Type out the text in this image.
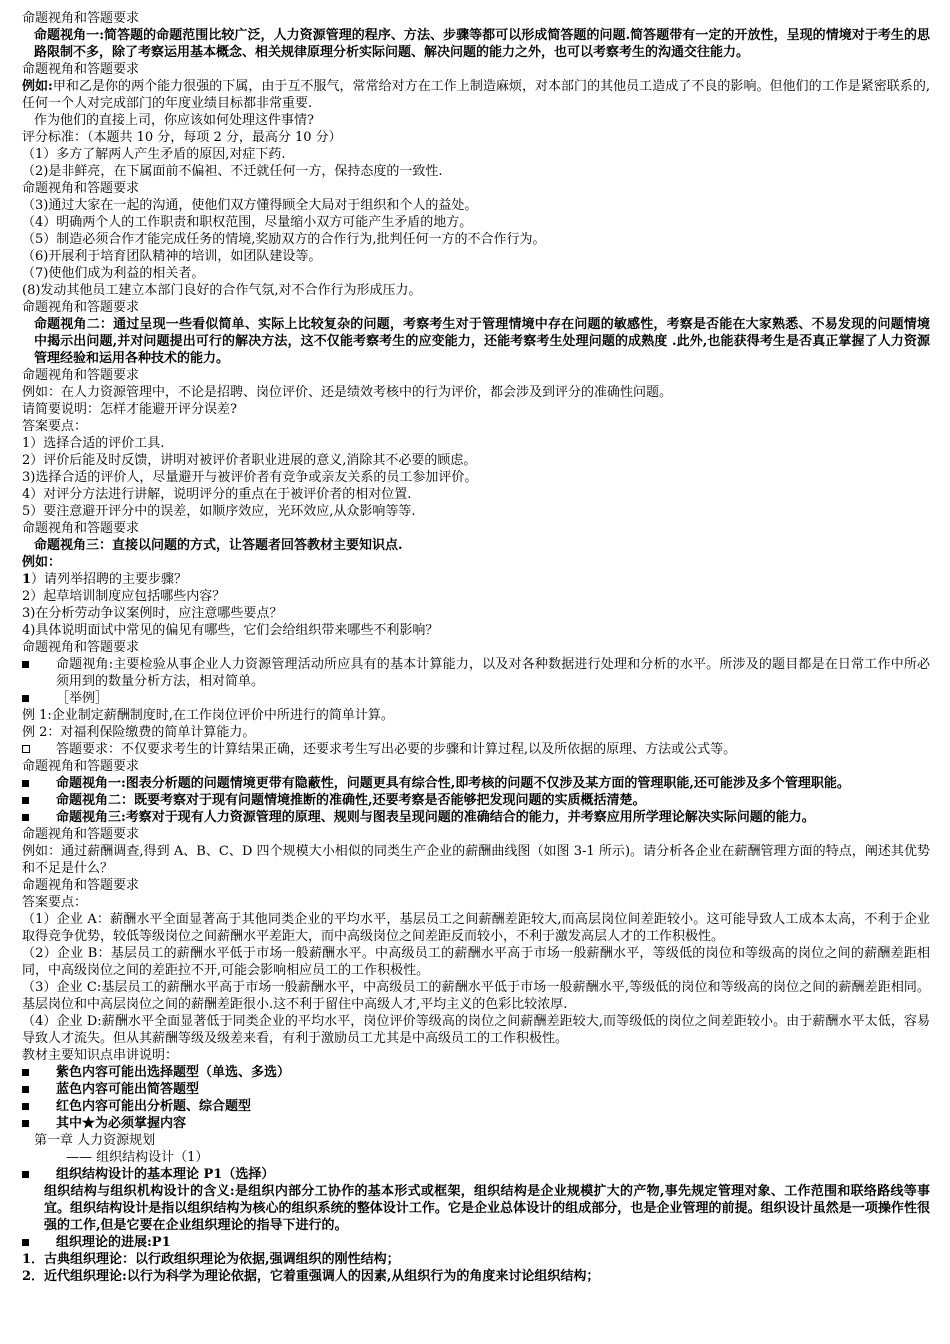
命题视角和答题要求

命题视角一:简答题的命题范围比较广泛，人力资源管理的程序、方法、步骤等都可以形成简答题的问题.简答题带有一定的开放性，呈现的情境对于考生的思路限制不多，除了考察运用基本概念、相关规律原理分析实际问题、解决问题的能力之外，也可以考察考生的沟通交往能力。

命题视角和答题要求

例如:甲和乙是你的两个能力很强的下属，由于互不服气，常常给对方在工作上制造麻烦，对本部门的其他员工造成了不良的影响。但他们的工作是紧密联系的,任何一个人对完成部门的年度业绩目标都非常重要.

作为他们的直接上司，你应该如何处理这件事情?

评分标准：（本题共 10 分，每项 2 分，最高分 10 分）

（1）多方了解两人产生矛盾的原因,对症下药.

（2)是非鲜亮，在下属面前不偏袒、不迁就任何一方，保持态度的一致性.

命题视角和答题要求

（3)通过大家在一起的沟通，使他们双方懂得顾全大局对于组织和个人的益处。

（4）明确两个人的工作职责和职权范围，尽量缩小双方可能产生矛盾的地方。

（5）制造必须合作才能完成任务的情境,奖励双方的合作行为,批判任何一方的不合作行为。

（6)开展利于培育团队精神的培训，如团队建设等。

（7)使他们成为利益的相关者。

(8)发动其他员工建立本部门良好的合作气氛,对不合作行为形成压力。

命题视角和答题要求

命题视角二：通过呈现一些看似简单、实际上比较复杂的问题，考察考生对于管理情境中存在问题的敏感性，考察是否能在大家熟悉、不易发现的问题情境中揭示出问题,并对问题提出可行的解决方法，这不仅能考察考生的应变能力，还能考察考生处理问题的成熟度 .此外,也能获得考生是否真正掌握了人力资源管理经验和运用各种技术的能力。

命题视角和答题要求

例如：在人力资源管理中，不论是招聘、岗位评价、还是绩效考核中的行为评价，都会涉及到评分的准确性问题。

请简要说明：怎样才能避开评分误差?

答案要点：

1）选择合适的评价工具.

2）评价后能及时反馈，讲明对被评价者职业进展的意义,消除其不必要的顾虑。

3)选择合适的评价人，尽量避开与被评价者有竞争或亲友关系的员工参加评价。

4）对评分方法进行讲解，说明评分的重点在于被评价者的相对位置.

5）要注意避开评分中的误差，如顺序效应，光环效应,从众影响等等.

命题视角和答题要求

命题视角三：直接以问题的方式，让答题者回答教材主要知识点.

例如：

1）请列举招聘的主要步骤？

2）起草培训制度应包括哪些内容？

3)在分析劳动争议案例时，应注意哪些要点？

4)具体说明面试中常见的偏见有哪些，它们会给组织带来哪些不利影响？

命题视角和答题要求

命题视角:主要检验从事企业人力资源管理活动所应具有的基本计算能力，以及对各种数据进行处理和分析的水平。所涉及的题目都是在日常工作中所必须用到的数量分析方法，相对简单。

［举例］

例 1:企业制定薪酬制度时,在工作岗位评价中所进行的简单计算。

例 2：对福利保险缴费的简单计算能力。

答题要求：不仅要求考生的计算结果正确，还要求考生写出必要的步骤和计算过程,以及所依据的原理、方法或公式等。

命题视角和答题要求

命题视角一:图表分析题的问题情境更带有隐蔽性，问题更具有综合性,即考核的问题不仅涉及某方面的管理职能,还可能涉及多个管理职能。

命题视角二：既要考察对于现有问题情境推断的准确性,还要考察是否能够把发现问题的实质概括清楚。

命题视角三:考察对于现有人力资源管理的原理、规则与图表呈现问题的准确结合的能力，并考察应用所学理论解决实际问题的能力。

命题视角和答题要求

例如：通过薪酬调查,得到 A、B、C、D 四个规模大小相似的同类生产企业的薪酬曲线图（如图 3-1 所示)。请分析各企业在薪酬管理方面的特点，阐述其优势和不足是什么？

命题视角和答题要求

答案要点：

（1）企业 A：薪酬水平全面显著高于其他同类企业的平均水平，基层员工之间薪酬差距较大,而高层岗位间差距较小。这可能导致人工成本太高，不利于企业取得竞争优势，较低等级岗位之间薪酬水平差距大，而中高级岗位之间差距反而较小，不利于激发高层人才的工作积极性。

（2）企业 B：基层员工的薪酬水平低于市场一般薪酬水平。中高级员工的薪酬水平高于市场一般薪酬水平，等级低的岗位和等级高的岗位之间的薪酬差距相同，中高级岗位之间的差距拉不开,可能会影响相应员工的工作积极性。

（3）企业 C:基层员工的薪酬水平高于市场一般薪酬水平，中高级员工的薪酬水平低于市场一般薪酬水平,等级低的岗位和等级高的岗位之间的薪酬差距相同。基层岗位和中高层岗位之间的薪酬差距很小.这不利于留住中高级人才,平均主义的色彩比较浓厚.

（4）企业 D:薪酬水平全面显著低于同类企业的平均水平，岗位评价等级高的岗位之间薪酬差距较大,而等级低的岗位之间差距较小。由于薪酬水平太低，容易导致人才流失。但从其薪酬等级及级差来看，有利于激励员工尤其是中高级员工的工作积极性。

教材主要知识点串讲说明：

紫色内容可能出选择题型（单选、多选）

蓝色内容可能出简答题型

红色内容可能出分析题、综合题型

其中★为必须掌握内容

第一章 人力资源规划

—— 组织结构设计（1）

组织结构设计的基本理论 P1（选择）

组织结构与组织机构设计的含义:是组织内部分工协作的基本形式或框架，组织结构是企业规模扩大的产物,事先规定管理对象、工作范围和联络路线等事宜。组织结构设计是指以组织结构为核心的组织系统的整体设计工作。它是企业总体设计的组成部分，也是企业管理的前提。组织设计虽然是一项操作性很强的工作,但是它要在企业组织理论的指导下进行的。

组织理论的进展:P1

1．古典组织理论：以行政组织理论为依据,强调组织的刚性结构；

2．近代组织理论:以行为科学为理论依据，它着重强调人的因素,从组织行为的角度来讨论组织结构；
